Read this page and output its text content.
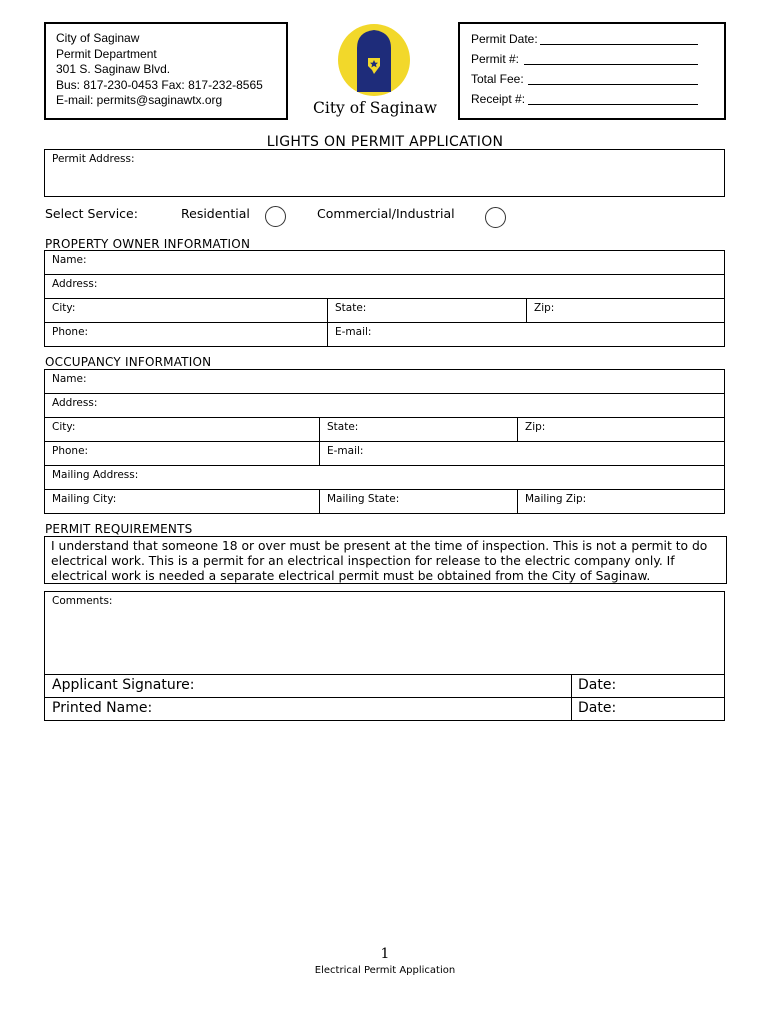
City of Saginaw
Permit Department
301 S. Saginaw Blvd.
Bus: 817-230-0453 Fax: 817-232-8565
E-mail: permits@saginawtx.org	City of Saginaw
Permit Date:
Permit #:
Total Fee:
Receipt #:
LIGHTS ON PERMIT APPLICATION
Permit Address:
Select Service:	Residential	Commercial/Industrial
PROPERTY OWNER INFORMATION
Name:
Address:
City:	State:	Zip:
Phone:	E-mail:
OCCUPANCY INFORMATION
Name:
Address:
City:	State:	Zip:
Phone:	E-mail:
Mailing Address:
Mailing City:	Mailing State:	Mailing Zip:
PERMIT REQUIREMENTS
I understand that someone 18 or over must be present at the time of inspection. This is not a permit to do electrical work. This is a permit for an electrical inspection for release to the electric company only. If electrical work is needed a separate electrical permit must be obtained from the City of Saginaw.
Comments:
Applicant Signature:	Date:
Printed Name:	Date:
1
Electrical Permit Application
